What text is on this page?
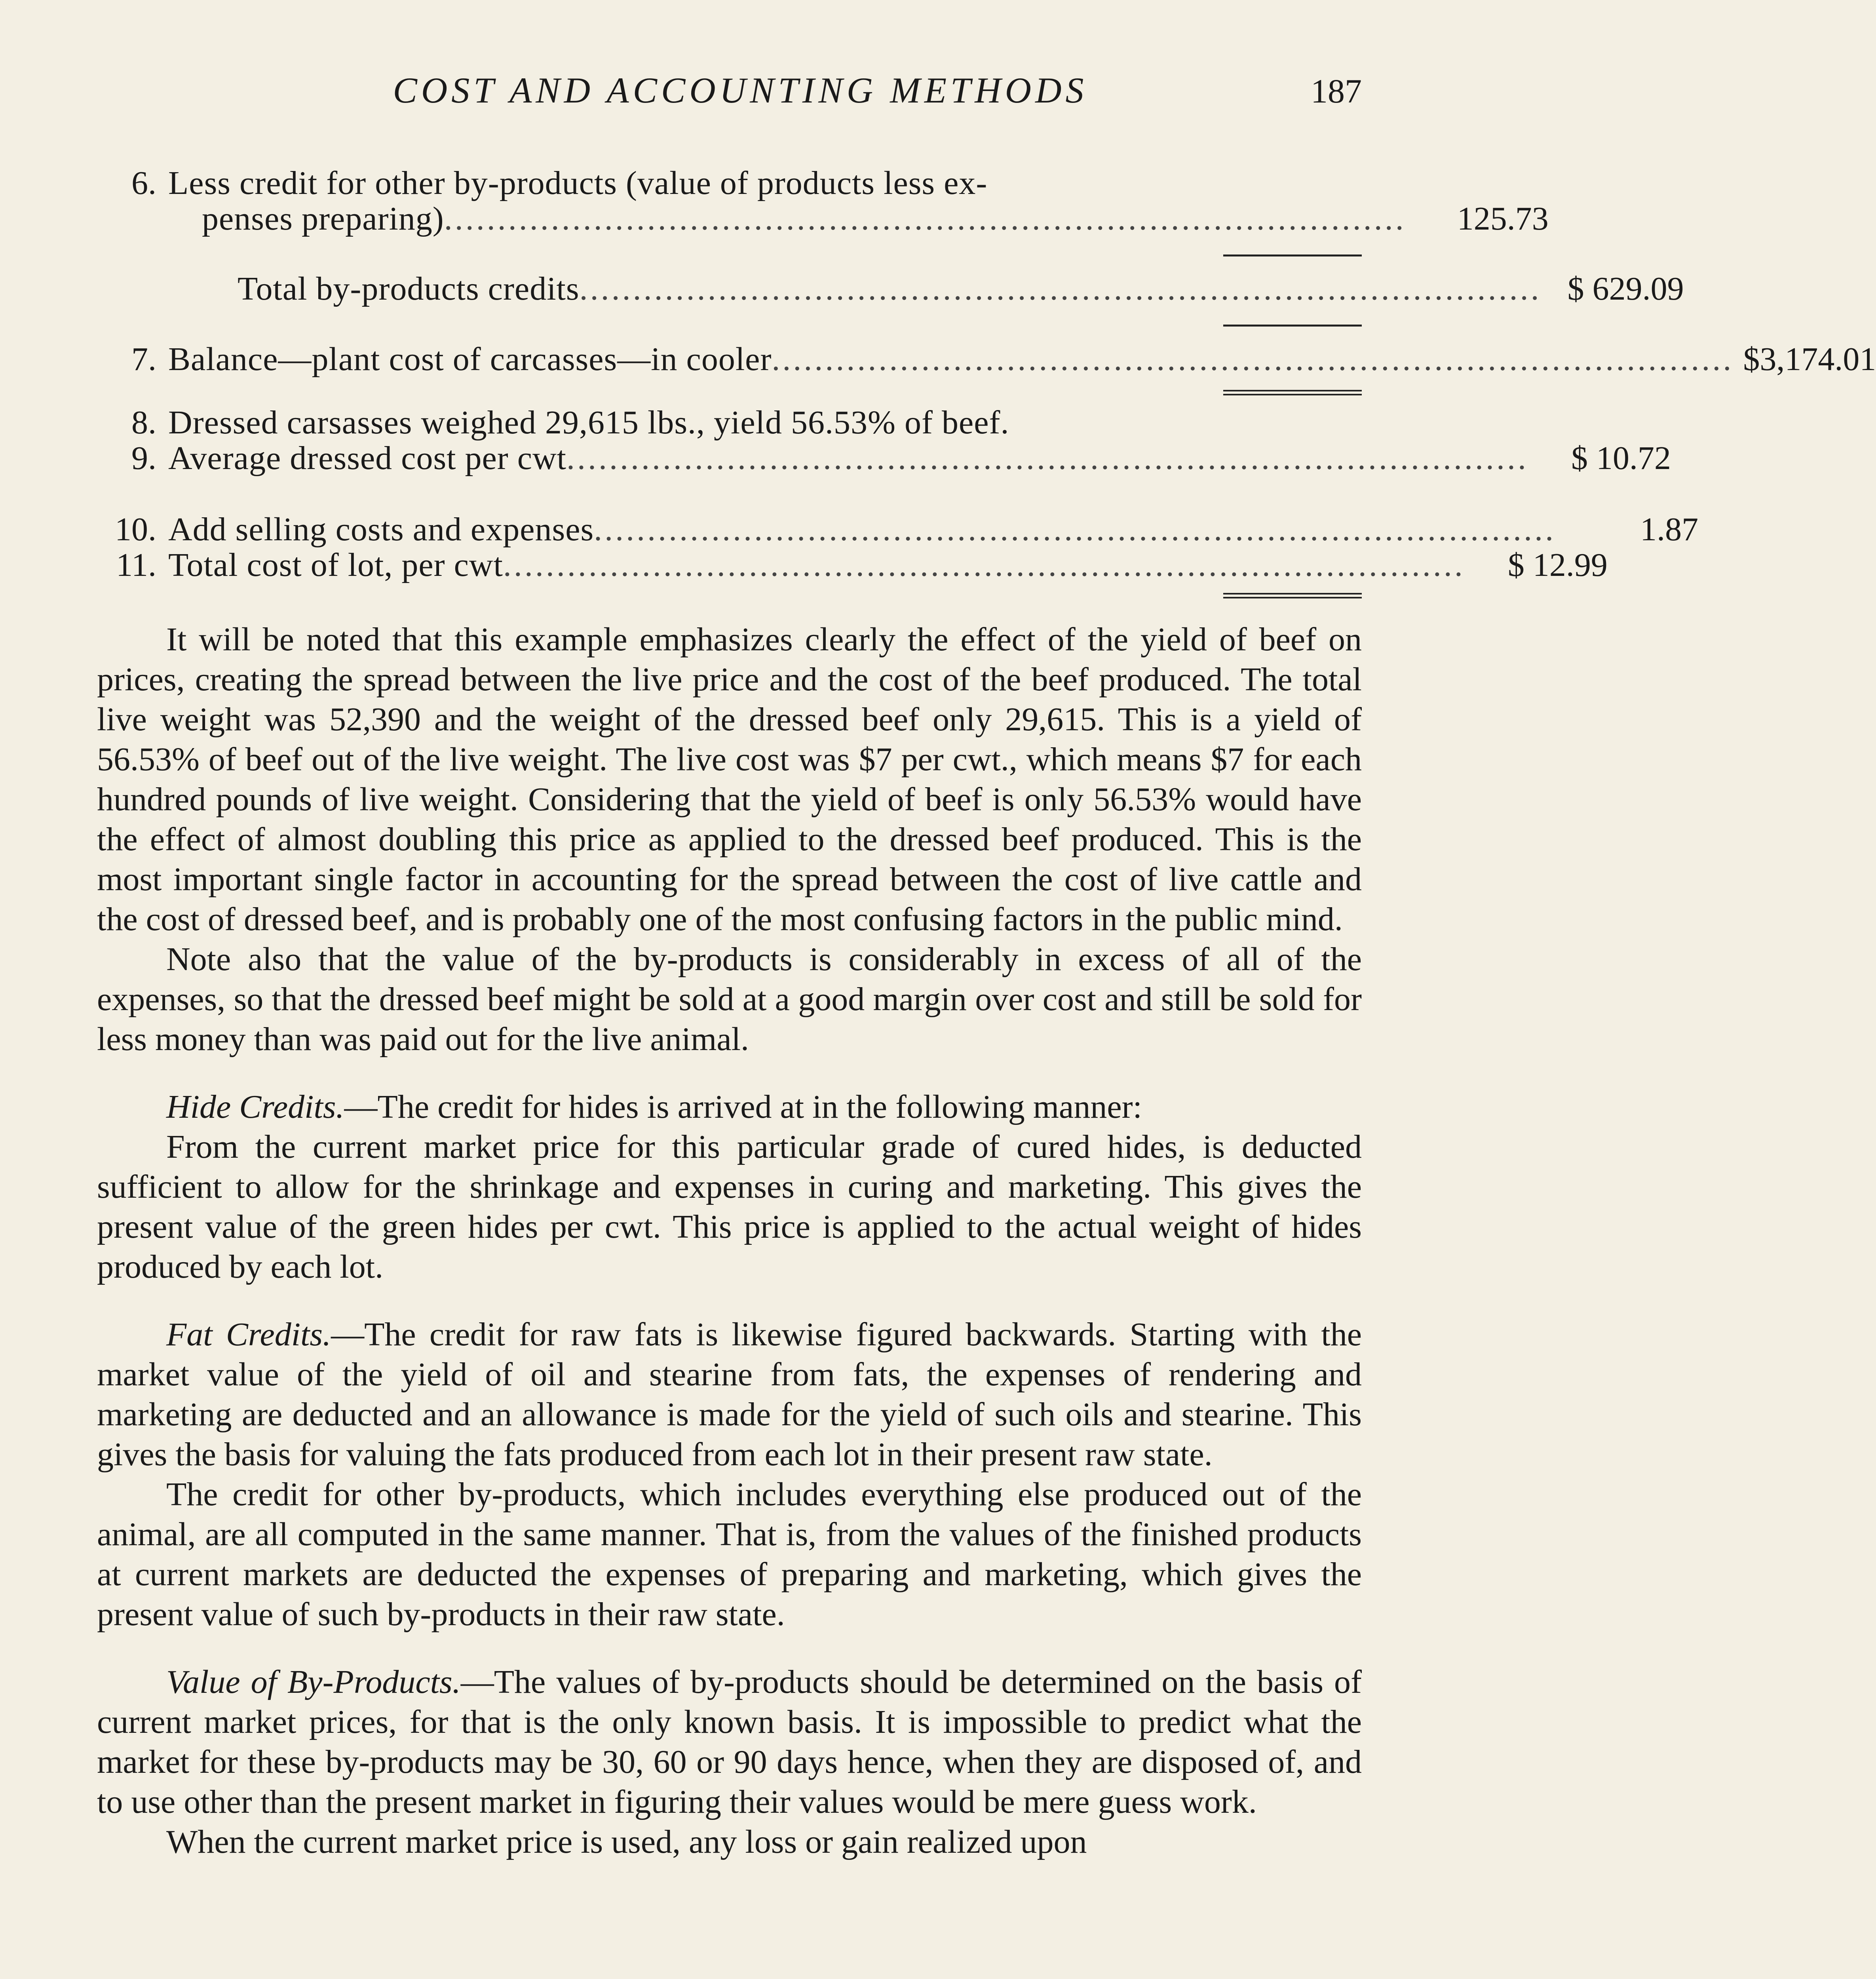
COST AND ACCOUNTING METHODS	187
6. Less credit for other by-products (value of products less ex-
penses preparing) ..........................................................................................	125.73
Total by-products credits .......................................................................................... $ 629.09
7. Balance—plant cost of carcasses—in cooler .......................................................................................... $3,174.01
8. Dressed carsasses weighed 29,615 lbs., yield 56.53% of beef.
9. Average dressed cost per cwt ..........................................................................................	$ 10.72
10. Add selling costs and expenses ..........................................................................................	1.87
11. Total cost of lot, per cwt ..........................................................................................	$ 12.99

It will be noted that this example emphasizes clearly the effect of the yield of beef on prices, creating the spread between the live price and the cost of the beef produced. The total live weight was 52,390 and the weight of the dressed beef only 29,615. This is a yield of 56.53% of beef out of the live weight. The live cost was $7 per cwt., which means $7 for each hundred pounds of live weight. Considering that the yield of beef is only 56.53% would have the effect of almost doubling this price as applied to the dressed beef produced. This is the most important single factor in accounting for the spread between the cost of live cattle and the cost of dressed beef, and is probably one of the most confusing factors in the public mind.

Note also that the value of the by-products is considerably in excess of all of the expenses, so that the dressed beef might be sold at a good margin over cost and still be sold for less money than was paid out for the live animal.

Hide Credits.—The credit for hides is arrived at in the following manner:

From the current market price for this particular grade of cured hides, is deducted sufficient to allow for the shrinkage and expenses in curing and marketing. This gives the present value of the green hides per cwt. This price is applied to the actual weight of hides produced by each lot.

Fat Credits.—The credit for raw fats is likewise figured backwards. Starting with the market value of the yield of oil and stearine from fats, the expenses of rendering and marketing are deducted and an allowance is made for the yield of such oils and stearine. This gives the basis for valuing the fats produced from each lot in their present raw state.

The credit for other by-products, which includes everything else produced out of the animal, are all computed in the same manner. That is, from the values of the finished products at current markets are deducted the expenses of preparing and marketing, which gives the present value of such by-products in their raw state.

Value of By-Products.—The values of by-products should be determined on the basis of current market prices, for that is the only known basis. It is impossible to predict what the market for these by-products may be 30, 60 or 90 days hence, when they are disposed of, and to use other than the present market in figuring their values would be mere guess work.

When the current market price is used, any loss or gain realized upon
